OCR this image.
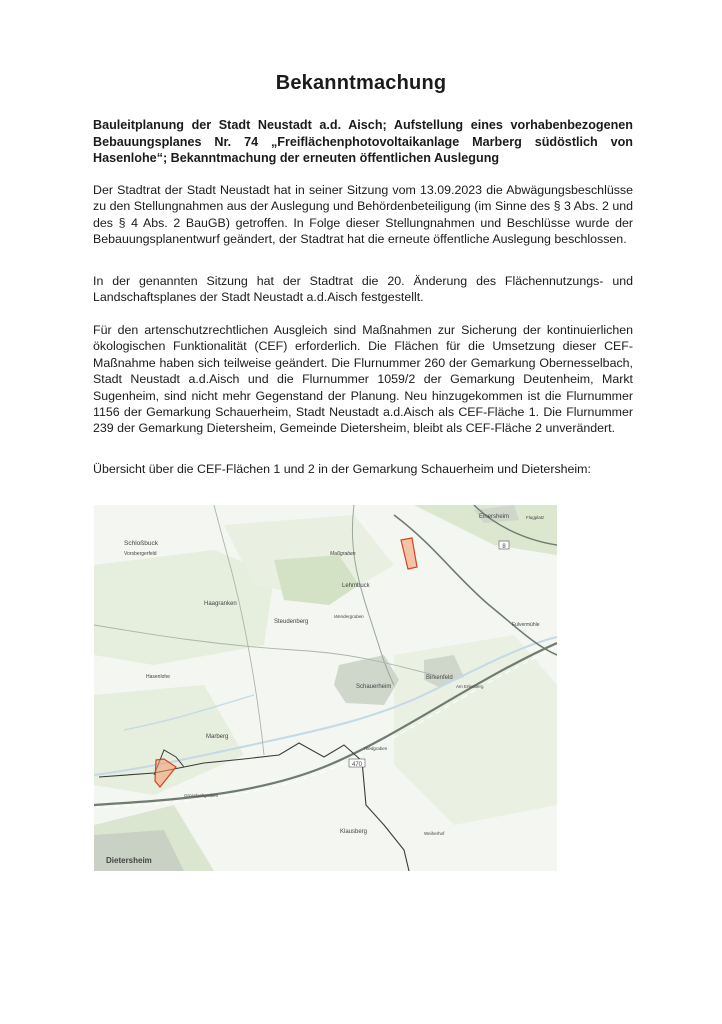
Bekanntmachung
Bauleitplanung der Stadt Neustadt a.d. Aisch; Aufstellung eines vorhabenbezogenen Bebauungsplanes Nr. 74 „Freiflächenphotovoltaikanlage Marberg südöstlich von Hasenlohe“; Bekanntmachung der erneuten öffentlichen Auslegung
Der Stadtrat der Stadt Neustadt hat in seiner Sitzung vom 13.09.2023 die Abwägungsbeschlüsse zu den Stellungnahmen aus der Auslegung und Behördenbeteiligung (im Sinne des § 3 Abs. 2 und des § 4 Abs. 2 BauGB) getroffen. In Folge dieser Stellungnahmen und Beschlüsse wurde der Bebauungsplanentwurf geändert, der Stadtrat hat die erneute öffentliche Auslegung beschlossen.
In der genannten Sitzung hat der Stadtrat die 20. Änderung des Flächennutzungs- und Landschaftsplanes der Stadt Neustadt a.d.Aisch festgestellt.
Für den artenschutzrechtlichen Ausgleich sind Maßnahmen zur Sicherung der kontinuierlichen ökologischen Funktionalität (CEF) erforderlich. Die Flächen für die Umsetzung dieser CEF-Maßnahme haben sich teilweise geändert. Die Flurnummer 260 der Gemarkung Obernesselbach, Stadt Neustadt a.d.Aisch und die Flurnummer 1059/2 der Gemarkung Deutenheim, Markt Sugenheim, sind nicht mehr Gegenstand der Planung. Neu hinzugekommen ist die Flurnummer 1156 der Gemarkung Schauerheim, Stadt Neustadt a.d.Aisch als CEF-Fläche 1. Die Flurnummer 239 der Gemarkung Dietersheim, Gemeinde Dietersheim, bleibt als CEF-Fläche 2 unverändert.
Übersicht über die CEF-Flächen 1 und 2 in der Gemarkung Schauerheim und Dietersheim:
8
470
Schloßbuck
Vorsbergerfeld
Einersheim	Flugplatz
Maßgraben
Lehmbuck
Haagranken
Steudenberg
Wendergraben
Fulvermühle
Hasenlohe
Schauerheim
Birkenfeld
Am Erlenberg
Marberg
Riedgraben
Grosslachgraben
Klausberg	Weiherhof
Dietersheim
